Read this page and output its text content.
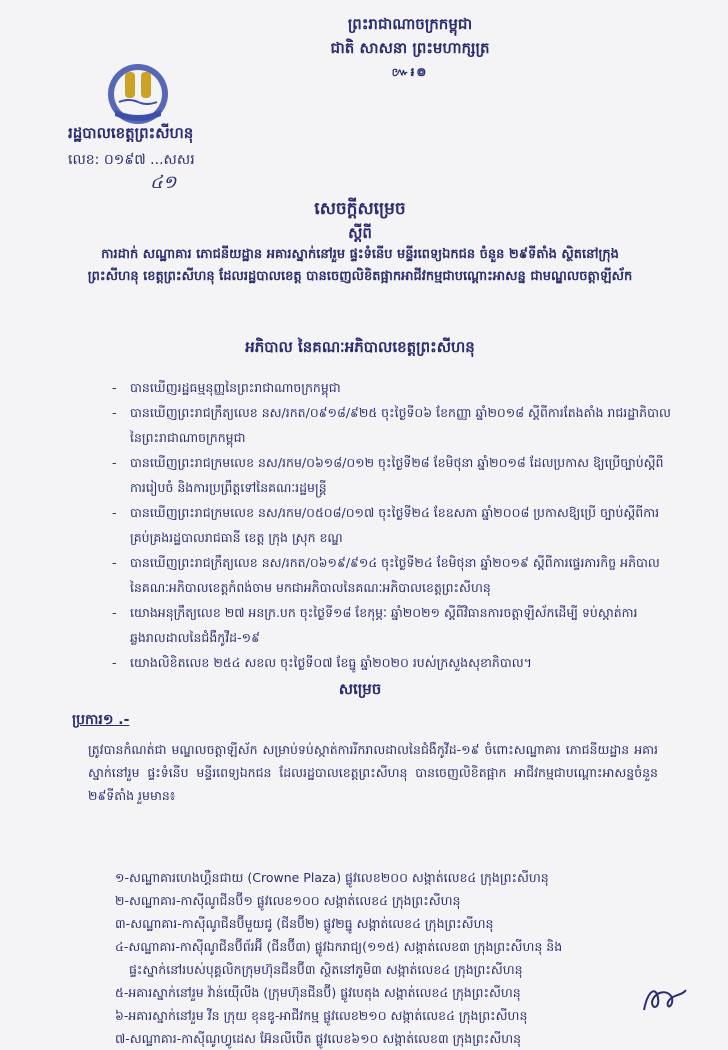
ព្រះរាជាណាចក្រកម្ពុជា
ជាតិ សាសនា ព្រះមហាក្សត្រ
៚៛៙
រដ្ឋបាលខេត្តព្រះសីហនុ
លេខ: ០១៩៧ ...សសរ
៤១
សេចក្តីសម្រេច
ស្តីពី
ការដាក់ សណ្ឋាគារ ភោជនីយដ្ឋាន អគារស្នាក់នៅរួម ផ្ទះទំនើប មន្ទីរពេទ្យឯកជន ចំនួន ២៩ទីតាំង ស្ថិតនៅក្រុងព្រះសីហនុ ខេត្តព្រះសីហនុ ដែលរដ្ឋបាលខេត្ត បានចេញលិខិតផ្អាកអាជីវកម្មជាបណ្តោះអាសន្ន ជាមណ្ឌលចត្តាឡីស័ក
អភិបាល នៃគណៈអភិបាលខេត្តព្រះសីហនុ
- បានឃើញរដ្ឋធម្មនុញ្ញនៃព្រះរាជាណាចក្រកម្ពុជា
- បានឃើញព្រះរាជក្រឹត្យលេខ នស/រកត/០៩១៨/៩២៥ ចុះថ្ងៃទី០៦ ខែកញ្ញា ឆ្នាំ២០១៨ ស្តីពីការតែងតាំង រាជរដ្ឋាភិបាលនៃព្រះរាជាណាចក្រកម្ពុជា
- បានឃើញព្រះរាជក្រមលេខ នស/រកម/០៦១៨/០១២ ចុះថ្ងៃទី២៨ ខែមិថុនា ឆ្នាំ២០១៨ ដែលប្រកាស ឱ្យប្រើច្បាប់ស្តីពីការរៀបចំ និងការប្រព្រឹត្តទៅនៃគណៈរដ្ឋមន្ត្រី
- បានឃើញព្រះរាជក្រមលេខ នស/រកម/០៥០៨/០១៧ ចុះថ្ងៃទី២៤ ខែឧសភា ឆ្នាំ២០០៨ ប្រកាសឱ្យប្រើ ច្បាប់ស្តីពីការគ្រប់គ្រងរដ្ឋបាលរាជធានី ខេត្ត ក្រុង ស្រុក ខណ្ឌ
- បានឃើញព្រះរាជក្រឹត្យលេខ នស/រកត/០៦១៩/៩១៤ ចុះថ្ងៃទី២៤ ខែមិថុនា ឆ្នាំ២០១៩ ស្តីពីការផ្ទេរភារកិច្ច អភិបាល នៃគណៈអភិបាលខេត្តកំពង់ចាម មកជាអភិបាលនៃគណៈអភិបាលខេត្តព្រះសីហនុ
- យោងអនុក្រឹត្យលេខ ២៧ អនក្រ.បក ចុះថ្ងៃទី១៨ ខែកុម្ភៈ ឆ្នាំ២០២១ ស្តីពីវិធានការចត្តាឡីស័កដើម្បី ទប់ស្កាត់ការឆ្លងរាលដាលនៃជំងឺកូវីដ-១៩
- យោងលិខិតលេខ ២៥៤ សខល ចុះថ្ងៃទី០៧ ខែធ្នូ ឆ្នាំ២០២០ របស់ក្រសួងសុខាភិបាល។
សម្រេច
ប្រការ១ .-
ត្រូវបានកំណត់ជា មណ្ឌលចត្តាឡីស័ក សម្រាប់ទប់ស្កាត់ការរីករាលដាលនៃជំងឺកូវីដ-១៩ ចំពោះសណ្ឋាគារ ភោជនីយដ្ឋាន អគារស្នាក់នៅរួម ផ្ទះទំនើប មន្ទីរពេទ្យឯកជន ដែលរដ្ឋបាលខេត្តព្រះសីហនុ បានចេញលិខិតផ្អាក អាជីវកម្មជាបណ្តោះអាសន្នចំនួន ២៩ទីតាំង រួមមាន៖
១-សណ្ឋាគារហេងហ្គឺនជាយ (Crowne Plaza) ផ្លូវលេខ២០០ សង្កាត់លេខ៤ ក្រុងព្រះសីហនុ
២-សណ្ឋាគារ-កាស៊ីណូជីនប៊ី១ ផ្លូវលេខ១០០ សង្កាត់លេខ៤ ក្រុងព្រះសីហនុ
៣-សណ្ឋាគារ-កាស៊ីណូជីនប៊ីមួយជូ (ជីនប៊ី២) ផ្លូវ២ធ្នូ សង្កាត់លេខ៤ ក្រុងព្រះសីហនុ
៤-សណ្ឋាគារ-កាស៊ីណូជីនប៊ីព័រអ៊ី (ជីនប៊ី៣) ផ្លូវឯករាជ្យ(១១៥) សង្កាត់លេខ៣ ក្រុងព្រះសីហនុ និង
ផ្ទះស្នាក់នៅរបស់បុគ្គលិកក្រុមហ៊ុនជីនប៊ី៣ ស្ថិតនៅភូមិ៣ សង្កាត់លេខ៤ ក្រុងព្រះសីហនុ
៥-អគារស្នាក់នៅរួម វ៉ាន់យ៉ើលីង (ក្រុមហ៊ុនជីនប៊ី) ផ្លូវបេតុង សង្កាត់លេខ៤ ក្រុងព្រះសីហនុ
៦-អគារស្នាក់នៅរួម វីន ក្រុយ ខុនឌូ-អាជីវកម្ម ផ្លូវលេខ២១០ សង្កាត់លេខ៤ ក្រុងព្រះសីហនុ
៧-សណ្ឋាគារ-កាស៊ីណូហ្វូដេស អ៊ែនលីបើត ផ្លូវលេខ៦១០ សង្កាត់លេខ៣ ក្រុងព្រះសីហនុ
